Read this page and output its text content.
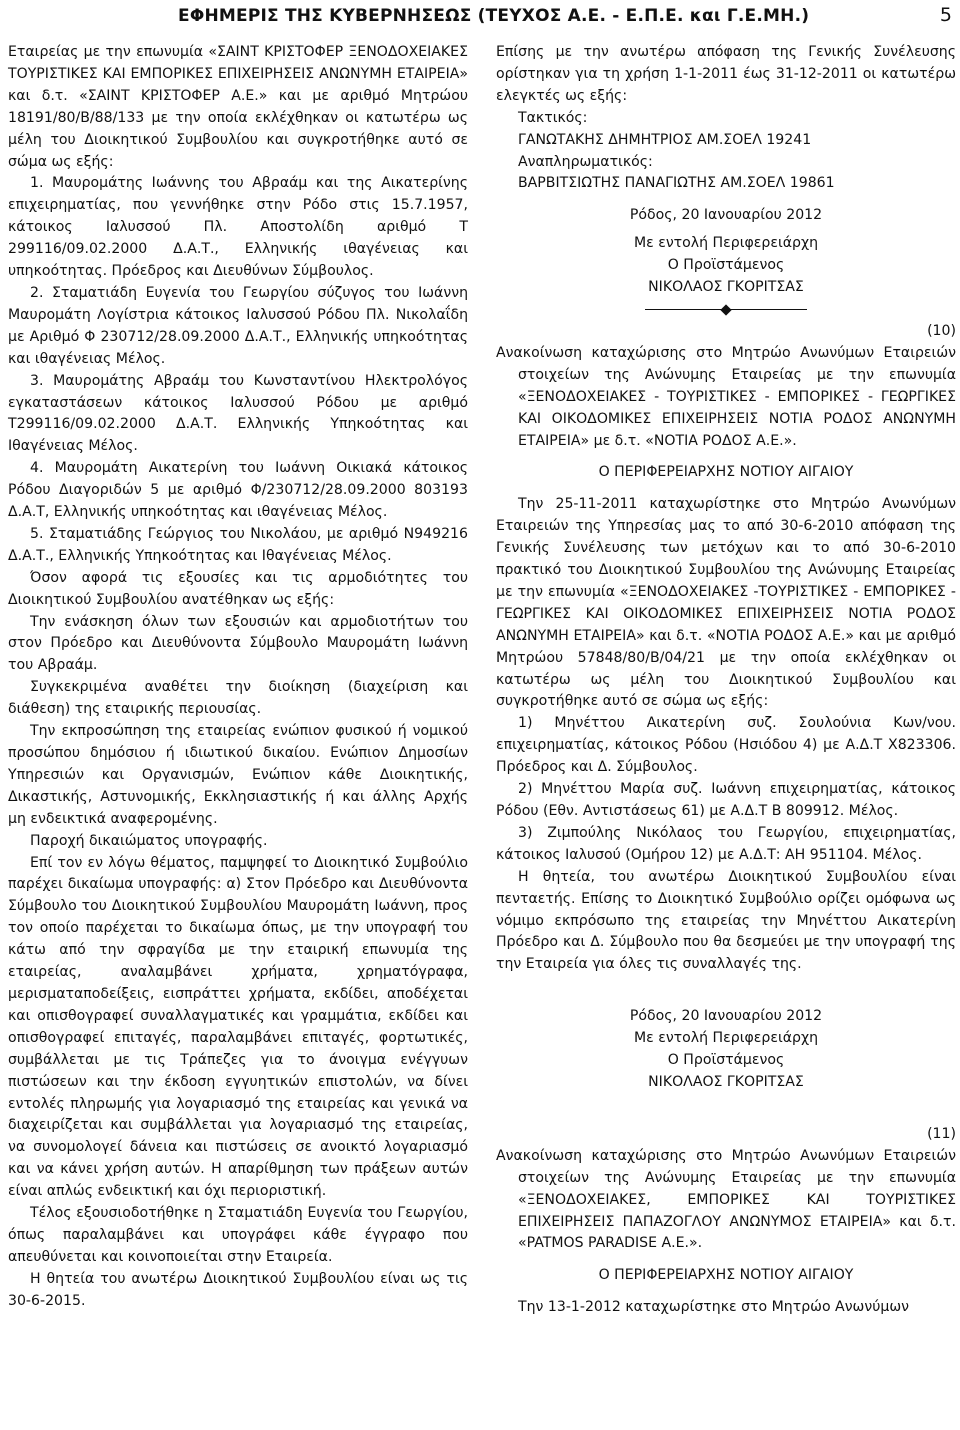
ΕΦΗΜΕΡΙΣ ΤΗΣ ΚΥΒΕΡΝΗΣΕΩΣ (ΤΕΥΧΟΣ Α.Ε. - Ε.Π.Ε. και Γ.Ε.ΜΗ.)	5

Εταιρείας με την επωνυμία «ΣΑΙΝΤ ΚΡΙΣΤΟΦΕΡ ΞΕΝΟΔΟΧΕΙΑΚΕΣ ΤΟΥΡΙΣΤΙΚΕΣ ΚΑΙ ΕΜΠΟΡΙΚΕΣ ΕΠΙΧΕΙΡΗΣΕΙΣ ΑΝΩΝΥΜΗ ΕΤΑΙΡΕΙΑ» και δ.τ. «ΣΑΙΝΤ ΚΡΙΣΤΟΦΕΡ Α.Ε.» και με αριθμό Μητρώου 18191/80/Β/88/133 με την οποία εκλέχθηκαν οι κατωτέρω ως μέλη του Διοικητικού Συμβουλίου και συγκροτήθηκε αυτό σε σώμα ως εξής:

1. Μαυρομάτης Ιωάννης του Αβραάμ και της Αικατερίνης επιχειρηματίας, που γεννήθηκε στην Ρόδο στις 15.7.1957, κάτοικος Ιαλυσσού Πλ. Αποστολίδη αριθμό Τ 299116/09.02.2000 Δ.Α.Τ., Ελληνικής ιθαγένειας και υπηκοότητας. Πρόεδρος και Διευθύνων Σύμβουλος.

2. Σταματιάδη Ευγενία του Γεωργίου σύζυγος του Ιωάννη Μαυρομάτη Λογίστρια κάτοικος Ιαλυσσού Ρόδου Πλ. Νικολαΐδη με Αριθμό Φ 230712/28.09.2000 Δ.Α.Τ., Ελληνικής υπηκοότητας και ιθαγένειας Μέλος.

3. Μαυρομάτης Αβραάμ του Κωνσταντίνου Ηλεκτρολόγος εγκαταστάσεων κάτοικος Ιαλυσσού Ρόδου με αριθμό Τ299116/09.02.2000 Δ.Α.Τ. Ελληνικής Υπηκοότητας και Ιθαγένειας Μέλος.

4. Μαυρομάτη Αικατερίνη του Ιωάννη Οικιακά κάτοικος Ρόδου Διαγοριδών 5 με αριθμό Φ/230712/28.09.2000 803193 Δ.Α.Τ, Ελληνικής υπηκοότητας και ιθαγένειας Μέλος.

5. Σταματιάδης Γεώργιος του Νικολάου, με αριθμό Ν949216 Δ.Α.Τ., Ελληνικής Υπηκοότητας και Ιθαγένειας Μέλος.

Όσον αφορά τις εξουσίες και τις αρμοδιότητες του Διοικητικού Συμβουλίου ανατέθηκαν ως εξής:

Την ενάσκηση όλων των εξουσιών και αρμοδιοτήτων του στον Πρόεδρο και Διευθύνοντα Σύμβουλο Μαυρομάτη Ιωάννη του Αβραάμ.

Συγκεκριμένα αναθέτει την διοίκηση (διαχείριση και διάθεση) της εταιρικής περιουσίας.

Την εκπροσώπηση της εταιρείας ενώπιον φυσικού ή νομικού προσώπου δημόσιου ή ιδιωτικού δικαίου. Ενώπιον Δημοσίων Υπηρεσιών και Οργανισμών, Ενώπιον κάθε Διοικητικής, Δικαστικής, Αστυνομικής, Εκκλησιαστικής ή και άλλης Αρχής μη ενδεικτικά αναφερομένης.

Παροχή δικαιώματος υπογραφής.

Επί τον εν λόγω θέματος, παμψηφεί το Διοικητικό Συμβούλιο παρέχει δικαίωμα υπογραφής: α) Στον Πρόεδρο και Διευθύνοντα Σύμβουλο του Διοικητικού Συμβουλίου Μαυρομάτη Ιωάννη, προς τον οποίο παρέχεται το δικαίωμα όπως, με την υπογραφή του κάτω από την σφραγίδα με την εταιρική επωνυμία της εταιρείας, αναλαμβάνει χρήματα, χρηματόγραφα, μερισματαποδείξεις, εισπράττει χρήματα, εκδίδει, αποδέχεται και οπισθογραφεί συναλλαγματικές και γραμμάτια, εκδίδει και οπισθογραφεί επιταγές, παραλαμβάνει επιταγές, φορτωτικές, συμβάλλεται με τις Τράπεζες για το άνοιγμα ενέγγυων πιστώσεων και την έκδοση εγγυητικών επιστολών, να δίνει εντολές πληρωμής για λογαριασμό της εταιρείας και γενικά να διαχειρίζεται και συμβάλλεται για λογαριασμό της εταιρείας, να συνομολογεί δάνεια και πιστώσεις σε ανοικτό λογαριασμό και να κάνει χρήση αυτών. Η απαρίθμηση των πράξεων αυτών είναι απλώς ενδεικτική και όχι περιοριστική.

Τέλος εξουσιοδοτήθηκε η Σταματιάδη Ευγενία του Γεωργίου, όπως παραλαμβάνει και υπογράφει κάθε έγγραφο που απευθύνεται και κοινοποιείται στην Εταιρεία.

Η θητεία του ανωτέρω Διοικητικού Συμβουλίου είναι ως τις 30-6-2015.

Επίσης με την ανωτέρω απόφαση της Γενικής Συνέλευσης ορίστηκαν για τη χρήση 1-1-2011 έως 31-12-2011 οι κατωτέρω ελεγκτές ως εξής:

Τακτικός:

ΓΑΝΩΤΑΚΗΣ ΔΗΜΗΤΡΙΟΣ ΑΜ.ΣΟΕΛ 19241

Αναπληρωματικός:

ΒΑΡΒΙΤΣΙΩΤΗΣ ΠΑΝΑΓΙΩΤΗΣ ΑΜ.ΣΟΕΛ 19861

Ρόδος, 20 Ιανουαρίου 2012
Με εντολή Περιφερειάρχη
Ο Προϊστάμενος
ΝΙΚΟΛΑΟΣ ΓΚΟΡΙΤΣΑΣ
(10)

Ανακοίνωση καταχώρισης στο Μητρώο Ανωνύμων Εταιρειών στοιχείων της Ανώνυμης Εταιρείας με την επωνυμία «ΞΕΝΟΔΟΧΕΙΑΚΕΣ - ΤΟΥΡΙΣΤΙΚΕΣ - ΕΜΠΟΡΙΚΕΣ - ΓΕΩΡΓΙΚΕΣ ΚΑΙ ΟΙΚΟΔΟΜΙΚΕΣ ΕΠΙΧΕΙΡΗΣΕΙΣ ΝΟΤΙΑ ΡΟΔΟΣ ΑΝΩΝΥΜΗ ΕΤΑΙΡΕΙΑ» με δ.τ. «ΝΟΤΙΑ ΡΟΔΟΣ Α.Ε.».

Ο ΠΕΡΙΦΕΡΕΙΑΡΧΗΣ ΝΟΤΙΟΥ ΑΙΓΑΙΟΥ

Την 25-11-2011 καταχωρίστηκε στο Μητρώο Ανωνύμων Εταιρειών της Υπηρεσίας μας το από 30-6-2010 απόφαση της Γενικής Συνέλευσης των μετόχων και το από 30-6-2010 πρακτικό του Διοικητικού Συμβουλίου της Ανώνυμης Εταιρείας με την επωνυμία «ΞΕΝΟΔΟΧΕΙΑΚΕΣ -ΤΟΥΡΙΣΤΙΚΕΣ - ΕΜΠΟΡΙΚΕΣ - ΓΕΩΡΓΙΚΕΣ ΚΑΙ ΟΙΚΟΔΟΜΙΚΕΣ ΕΠΙΧΕΙΡΗΣΕΙΣ ΝΟΤΙΑ ΡΟΔΟΣ ΑΝΩΝΥΜΗ ΕΤΑΙΡΕΙΑ» και δ.τ. «ΝΟΤΙΑ ΡΟΔΟΣ Α.Ε.» και με αριθμό Μητρώου 57848/80/Β/04/21 με την οποία εκλέχθηκαν οι κατωτέρω ως μέλη του Διοικητικού Συμβουλίου και συγκροτήθηκε αυτό σε σώμα ως εξής:

1) Μηνέττου Αικατερίνη συζ. Σουλούνια Κων/νου. επιχειρηματίας, κάτοικος Ρόδου (Ησιόδου 4) με Α.Δ.Τ Χ823306. Πρόεδρος και Δ. Σύμβουλος.

2) Μηνέττου Μαρία συζ. Ιωάννη επιχειρηματίας, κάτοικος Ρόδου (Εθν. Αντιστάσεως 61) με Α.Δ.Τ Β 809912. Μέλος.

3) Ζιμπούλης Νικόλαος του Γεωργίου, επιχειρηματίας, κάτοικος Ιαλυσού (Ομήρου 12) με Α.Δ.Τ: ΑΗ 951104. Μέλος.

Η θητεία, του ανωτέρω Διοικητικού Συμβουλίου είναι πενταετής. Επίσης το Διοικητικό Συμβούλιο ορίζει ομόφωνα ως νόμιμο εκπρόσωπο της εταιρείας την Μηνέττου Αικατερίνη Πρόεδρο και Δ. Σύμβουλο που θα δεσμεύει με την υπογραφή της την Εταιρεία για όλες τις συναλλαγές της.

Ρόδος, 20 Ιανουαρίου 2012
Με εντολή Περιφερειάρχη
Ο Προϊστάμενος
ΝΙΚΟΛΑΟΣ ΓΚΟΡΙΤΣΑΣ
(11)

Ανακοίνωση καταχώρισης στο Μητρώο Ανωνύμων Εταιρειών στοιχείων της Ανώνυμης Εταιρείας με την επωνυμία «ΞΕΝΟΔΟΧΕΙΑΚΕΣ, ΕΜΠΟΡΙΚΕΣ ΚΑΙ ΤΟΥΡΙΣΤΙΚΕΣ ΕΠΙΧΕΙΡΗΣΕΙΣ ΠΑΠΑΖΟΓΛΟΥ ΑΝΩΝΥΜΟΣ ΕΤΑΙΡΕΙΑ» και δ.τ. «PATMOS PARADISE Α.Ε.».

Ο ΠΕΡΙΦΕΡΕΙΑΡΧΗΣ ΝΟΤΙΟΥ ΑΙΓΑΙΟΥ

Την 13-1-2012 καταχωρίστηκε στο Μητρώο Ανωνύμων
